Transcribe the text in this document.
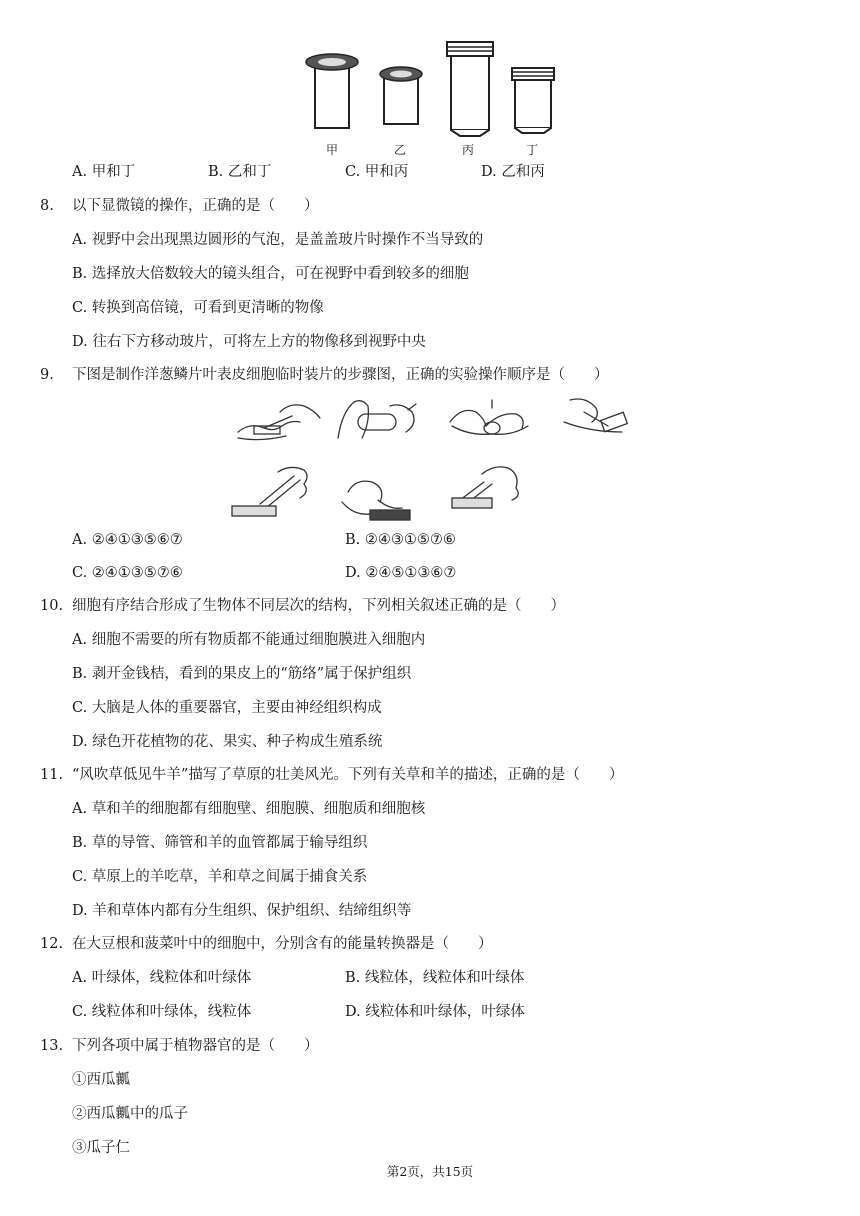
甲	乙	丙	丁
A. 甲和丁	B. 乙和丁	C. 甲和丙	D. 乙和丙
8. 以下显微镜的操作，正确的是（　　）
A. 视野中会出现黑边圆形的气泡，是盖盖玻片时操作不当导致的
B. 选择放大倍数较大的镜头组合，可在视野中看到较多的细胞
C. 转换到高倍镜，可看到更清晰的物像
D. 往右下方移动玻片，可将左上方的物像移到视野中央
9. 下图是制作洋葱鳞片叶表皮细胞临时装片的步骤图，正确的实验操作顺序是（　　）
A. ②④①③⑤⑥⑦	B. ②④③①⑤⑦⑥
C. ②④①③⑤⑦⑥	D. ②④⑤①③⑥⑦
10. 细胞有序结合形成了生物体不同层次的结构，下列相关叙述正确的是（　　）
A. 细胞不需要的所有物质都不能通过细胞膜进入细胞内
B. 剥开金钱桔，看到的果皮上的“筋络”属于保护组织
C. 大脑是人体的重要器官，主要由神经组织构成
D. 绿色开花植物的花、果实、种子构成生殖系统
11. “风吹草低见牛羊”描写了草原的壮美风光。下列有关草和羊的描述，正确的是（　　）
A. 草和羊的细胞都有细胞壁、细胞膜、细胞质和细胞核
B. 草的导管、筛管和羊的血管都属于输导组织
C. 草原上的羊吃草，羊和草之间属于捕食关系
D. 羊和草体内都有分生组织、保护组织、结缔组织等
12. 在大豆根和菠菜叶中的细胞中，分别含有的能量转换器是（　　）
A. 叶绿体，线粒体和叶绿体	B. 线粒体，线粒体和叶绿体
C. 线粒体和叶绿体，线粒体	D. 线粒体和叶绿体，叶绿体
13. 下列各项中属于植物器官的是（　　）
①西瓜瓤
②西瓜瓤中的瓜子
③瓜子仁
第2页，共15页
